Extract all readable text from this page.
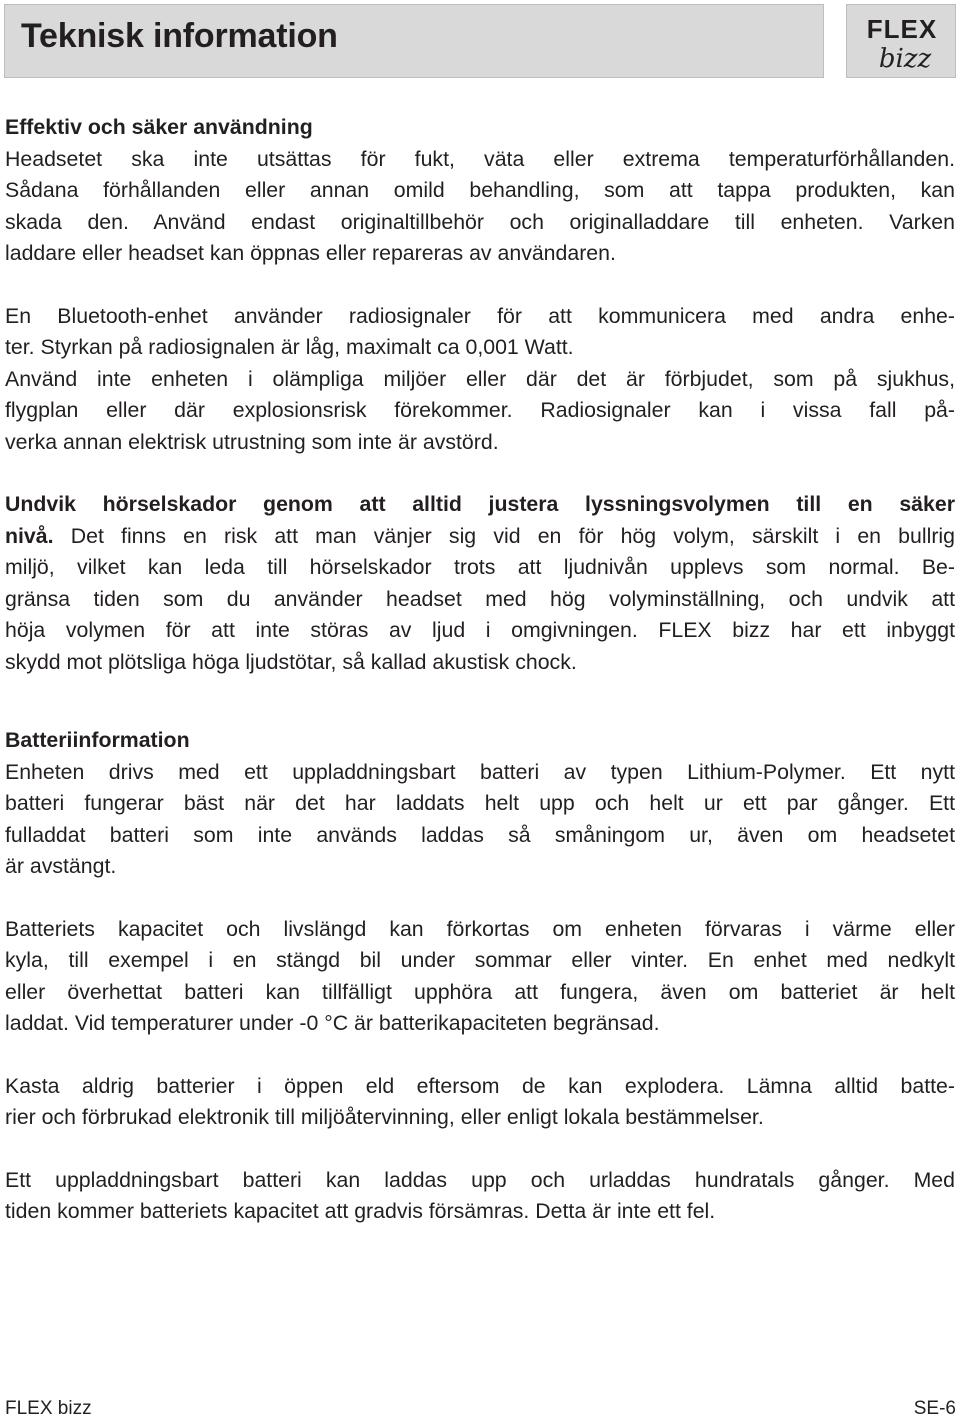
Teknisk information	FLEX
bizz

Effektiv och säker användning

Headsetet ska inte utsättas för fukt, väta eller extrema temperaturförhållanden.
Sådana förhållanden eller annan omild behandling, som att tappa produkten, kan
skada den. Använd endast originaltillbehör och originalladdare till enheten. Varken
laddare eller headset kan öppnas eller repareras av användaren.

En Bluetooth-enhet använder radiosignaler för att kommunicera med andra enhe-
ter. Styrkan på radiosignalen är låg, maximalt ca 0,001 Watt.
Använd inte enheten i olämpliga miljöer eller där det är förbjudet, som på sjukhus,
flygplan eller där explosionsrisk förekommer. Radiosignaler kan i vissa fall på-
verka annan elektrisk utrustning som inte är avstörd.

Undvik hörselskador genom att alltid justera lyssningsvolymen till en säker
nivå. Det finns en risk att man vänjer sig vid en för hög volym, särskilt i en bullrig
miljö, vilket kan leda till hörselskador trots att ljudnivån upplevs som normal. Be-
gränsa tiden som du använder headset med hög volyminställning, och undvik att
höja volymen för att inte störas av ljud i omgivningen. FLEX bizz har ett inbyggt
skydd mot plötsliga höga ljudstötar, så kallad akustisk chock.

Batteriinformation

Enheten drivs med ett uppladdningsbart batteri av typen Lithium-Polymer. Ett nytt
batteri fungerar bäst när det har laddats helt upp och helt ur ett par gånger. Ett
fulladdat batteri som inte används laddas så småningom ur, även om headsetet
är avstängt.

Batteriets kapacitet och livslängd kan förkortas om enheten förvaras i värme eller
kyla, till exempel i en stängd bil under sommar eller vinter. En enhet med nedkylt
eller överhettat batteri kan tillfälligt upphöra att fungera, även om batteriet är helt
laddat. Vid temperaturer under -0 °C är batterikapaciteten begränsad.

Kasta aldrig batterier i öppen eld eftersom de kan explodera. Lämna alltid batte-
rier och förbrukad elektronik till miljöåtervinning, eller enligt lokala bestämmelser.

Ett uppladdningsbart batteri kan laddas upp och urladdas hundratals gånger. Med
tiden kommer batteriets kapacitet att gradvis försämras. Detta är inte ett fel.

FLEX bizz	SE-6
